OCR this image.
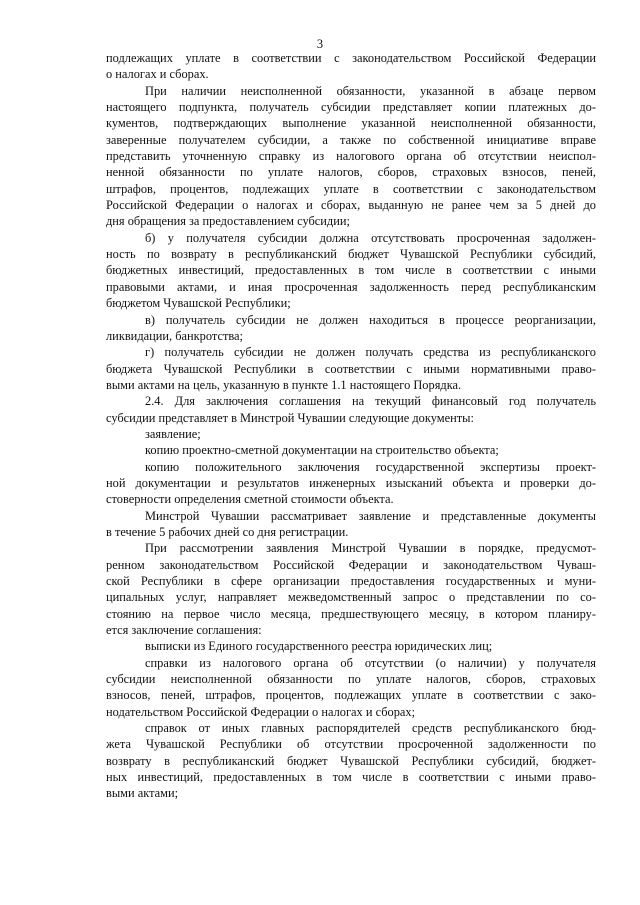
3
подлежащих уплате в соответствии с законодательством Российской Федерации
о налогах и сборах.
При наличии неисполненной обязанности, указанной в абзаце первом
настоящего подпункта, получатель субсидии представляет копии платежных до-
кументов, подтверждающих выполнение указанной неисполненной обязанности,
заверенные получателем субсидии, а также по собственной инициативе вправе
представить уточненную справку из налогового органа об отсутствии неиспол-
ненной обязанности по уплате налогов, сборов, страховых взносов, пеней,
штрафов, процентов, подлежащих уплате в соответствии с законодательством
Российской Федерации о налогах и сборах, выданную не ранее чем за 5 дней до
дня обращения за предоставлением субсидии;
б) у получателя субсидии должна отсутствовать просроченная задолжен-
ность по возврату в республиканский бюджет Чувашской Республики субсидий,
бюджетных инвестиций, предоставленных в том числе в соответствии с иными
правовыми актами, и иная просроченная задолженность перед республиканским
бюджетом Чувашской Республики;
в) получатель субсидии не должен находиться в процессе реорганизации,
ликвидации, банкротства;
г) получатель субсидии не должен получать средства из республиканского
бюджета Чувашской Республики в соответствии с иными нормативными право-
выми актами на цель, указанную в пункте 1.1 настоящего Порядка.
2.4. Для заключения соглашения на текущий финансовый год получатель
субсидии представляет в Минстрой Чувашии следующие документы:
заявление;
копию проектно-сметной документации на строительство объекта;
копию положительного заключения государственной экспертизы проект-
ной документации и результатов инженерных изысканий объекта и проверки до-
стоверности определения сметной стоимости объекта.
Минстрой Чувашии рассматривает заявление и представленные документы
в течение 5 рабочих дней со дня регистрации.
При рассмотрении заявления Минстрой Чувашии в порядке, предусмот-
ренном законодательством Российской Федерации и законодательством Чуваш-
ской Республики в сфере организации предоставления государственных и муни-
ципальных услуг, направляет межведомственный запрос о представлении по со-
стоянию на первое число месяца, предшествующего месяцу, в котором планиру-
ется заключение соглашения:
выписки из Единого государственного реестра юридических лиц;
справки из налогового органа об отсутствии (о наличии) у получателя
субсидии неисполненной обязанности по уплате налогов, сборов, страховых
взносов, пеней, штрафов, процентов, подлежащих уплате в соответствии с зако-
нодательством Российской Федерации о налогах и сборах;
справок от иных главных распорядителей средств республиканского бюд-
жета Чувашской Республики об отсутствии просроченной задолженности по
возврату в республиканский бюджет Чувашской Республики субсидий, бюджет-
ных инвестиций, предоставленных в том числе в соответствии с иными право-
выми актами;
